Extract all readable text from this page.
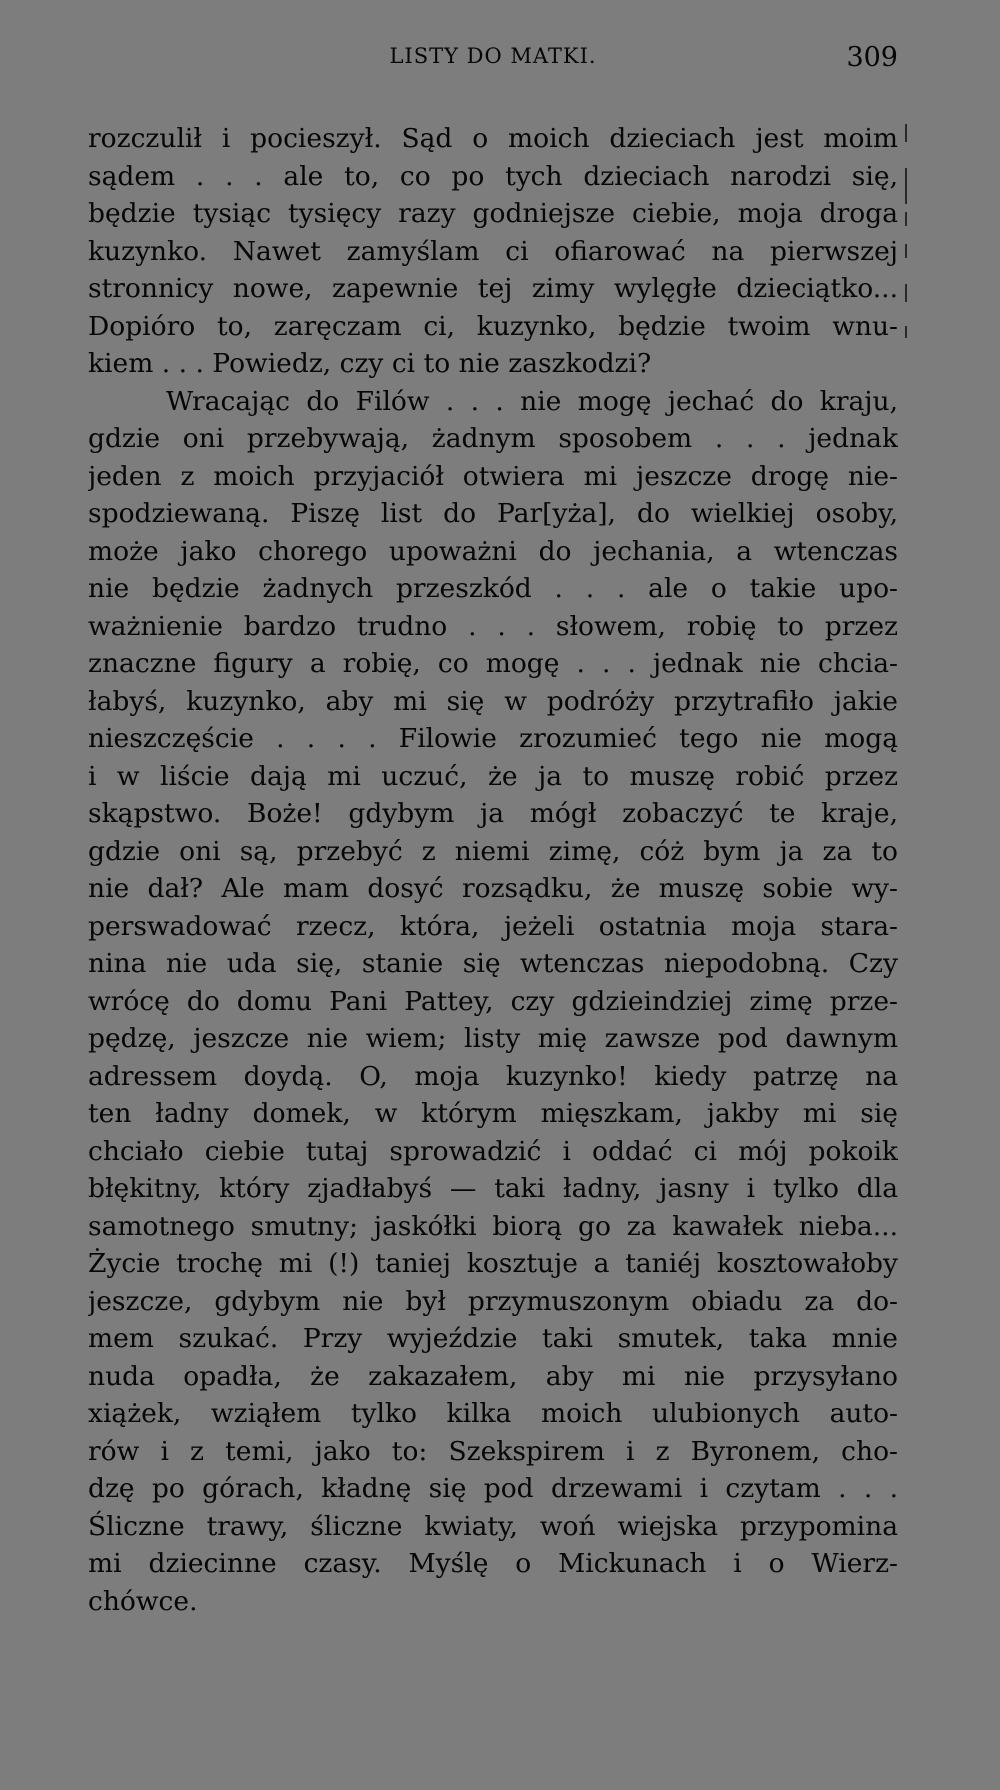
LISTY DO MATKI.	309
rozczulił i pocieszył. Sąd o moich dzieciach jest moim
sądem . . . ale to, co po tych dzieciach narodzi się,
będzie tysiąc tysięcy razy godniejsze ciebie, moja droga
kuzynko. Nawet zamyślam ci ofiarować na pierwszej
stronnicy nowe, zapewnie tej zimy wylęgłe dzieciątko...
Dopióro to, zaręczam ci, kuzynko, będzie twoim wnu-
kiem . . . Powiedz, czy ci to nie zaszkodzi?
Wracając do Filów . . . nie mogę jechać do kraju,
gdzie oni przebywają, żadnym sposobem . . . jednak
jeden z moich przyjaciół otwiera mi jeszcze drogę nie-
spodziewaną. Piszę list do Par[yża], do wielkiej osoby,
może jako chorego upoważni do jechania, a wtenczas
nie będzie żadnych przeszkód . . . ale o takie upo-
ważnienie bardzo trudno . . . słowem, robię to przez
znaczne figury a robię, co mogę . . . jednak nie chcia-
łabyś, kuzynko, aby mi się w podróży przytrafiło jakie
nieszczęście . . . . Filowie zrozumieć tego nie mogą
i w liście dają mi uczuć, że ja to muszę robić przez
skąpstwo. Boże! gdybym ja mógł zobaczyć te kraje,
gdzie oni są, przebyć z niemi zimę, cóż bym ja za to
nie dał? Ale mam dosyć rozsądku, że muszę sobie wy-
perswadować rzecz, która, jeżeli ostatnia moja stara-
nina nie uda się, stanie się wtenczas niepodobną. Czy
wrócę do domu Pani Pattey, czy gdzieindziej zimę prze-
pędzę, jeszcze nie wiem; listy mię zawsze pod dawnym
adressem doydą. O, moja kuzynko! kiedy patrzę na
ten ładny domek, w którym mięszkam, jakby mi się
chciało ciebie tutaj sprowadzić i oddać ci mój pokoik
błękitny, który zjadłabyś — taki ładny, jasny i tylko dla
samotnego smutny; jaskółki biorą go za kawałek nieba...
Życie trochę mi (!) taniej kosztuje a taniéj kosztowałoby
jeszcze, gdybym nie był przymuszonym obiadu za do-
mem szukać. Przy wyjeździe taki smutek, taka mnie
nuda opadła, że zakazałem, aby mi nie przysyłano
xiążek, wziąłem tylko kilka moich ulubionych auto-
rów i z temi, jako to: Szekspirem i z Byronem, cho-
dzę po górach, kładnę się pod drzewami i czytam . . .
Śliczne trawy, śliczne kwiaty, woń wiejska przypomina
mi dziecinne czasy. Myślę o Mickunach i o Wierz-
chówce.
